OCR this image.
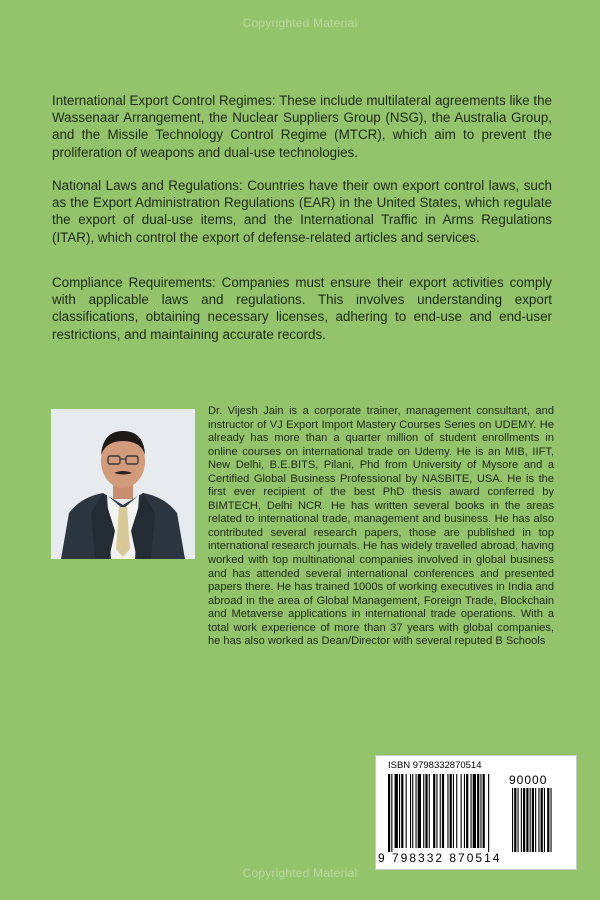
Copyrighted Material

International Export Control Regimes: These include multilateral agreements like the Wassenaar Arrangement, the Nuclear Suppliers Group (NSG), the Australia Group, and the Missile Technology Control Regime (MTCR), which aim to prevent the proliferation of weapons and dual-use technologies.

National Laws and Regulations: Countries have their own export control laws, such as the Export Administration Regulations (EAR) in the United States, which regulate the export of dual-use items, and the International Traffic in Arms Regulations (ITAR), which control the export of defense-related articles and services.

Compliance Requirements: Companies must ensure their export activities comply with applicable laws and regulations. This involves understanding export classifications, obtaining necessary licenses, adhering to end-use and end-user restrictions, and maintaining accurate records.

Dr. Vijesh Jain is a corporate trainer, management consultant, and instructor of VJ Export Import Mastery Courses Series on UDEMY. He already has more than a quarter million of student enrollments in online courses on international trade on Udemy. He is an MIB, IIFT, New Delhi, B.E.BITS, Pilani, Phd from University of Mysore and a Certified Global Business Professional by NASBITE, USA. He is the first ever recipient of the best PhD thesis award conferred by BIMTECH, Delhi NCR. He has written several books in the areas related to international trade, management and business. He has also contributed several research papers, those are published in top international research journals. He has widely travelled abroad, having worked with top multinational companies involved in global business and has attended several international conferences and presented papers there. He has trained 1000s of working executives in India and abroad in the area of Global Management, Foreign Trade, Blockchain and Metaverse applications in international trade operations. With a total work experience of more than 37 years with global companies, he has also worked as Dean/Director with several reputed B Schools

ISBN 9798332870514
90000
9 798332 870514
Copyrighted Material
